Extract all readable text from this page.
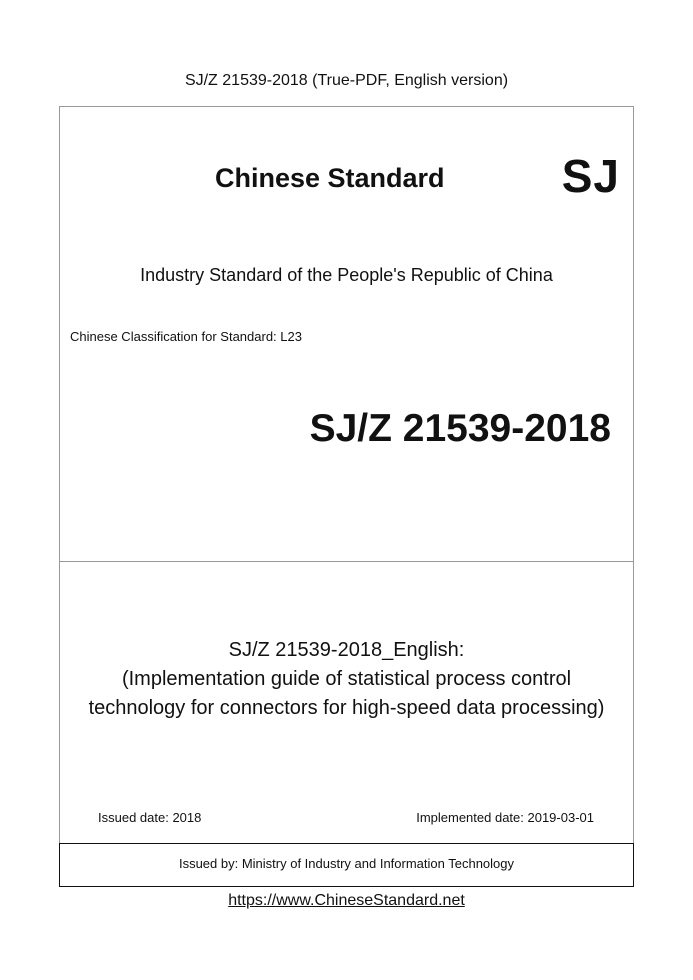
SJ/Z 21539-2018 (True-PDF, English version)
Chinese Standard	SJ
Industry Standard of the People's Republic of China
Chinese Classification for Standard: L23
SJ/Z 21539-2018
SJ/Z 21539-2018_English:
(Implementation guide of statistical process control
technology for connectors for high-speed data processing)
Issued date: 2018	Implemented date: 2019-03-01
Issued by: Ministry of Industry and Information Technology
https://www.ChineseStandard.net
